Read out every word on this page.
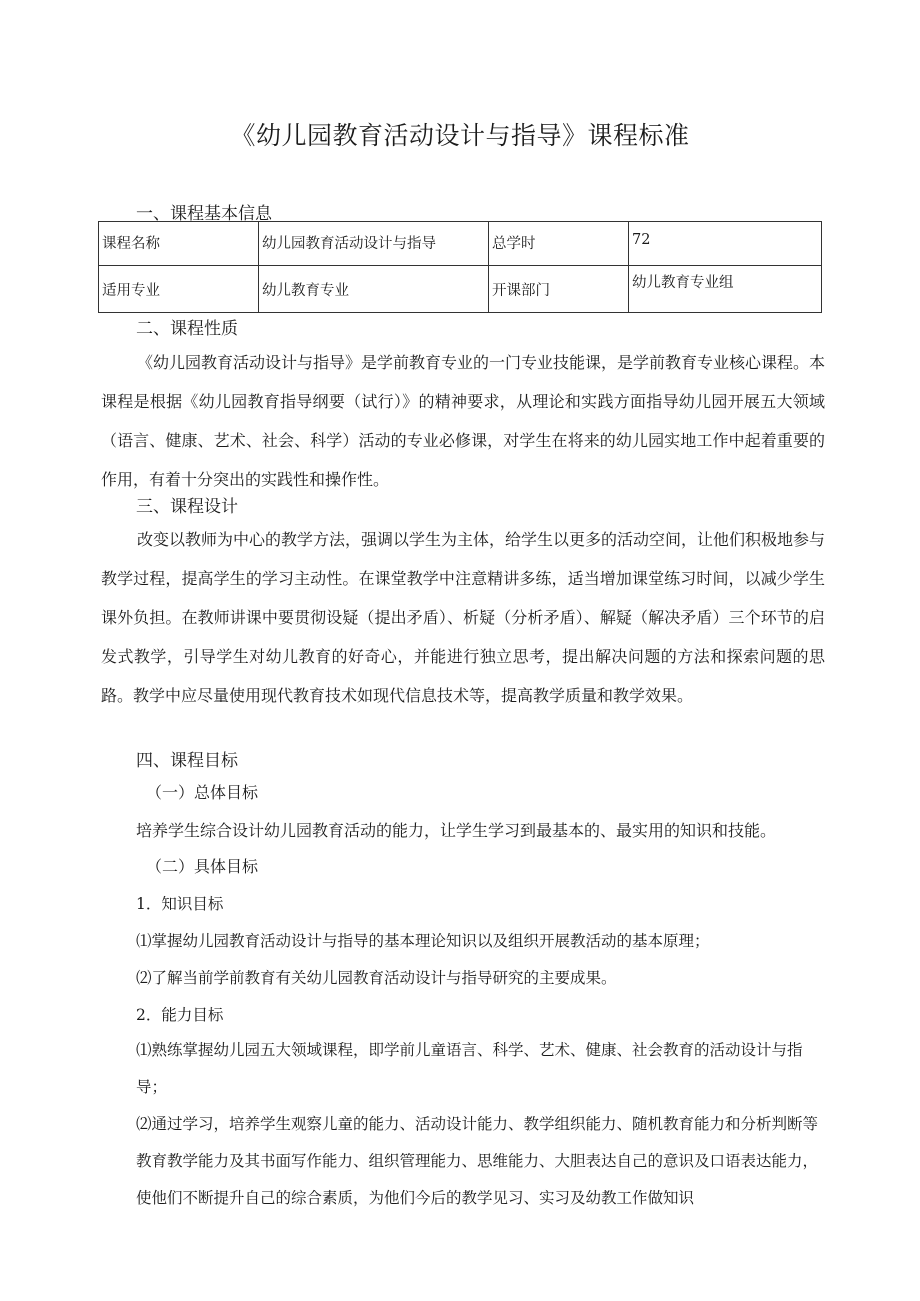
《幼儿园教育活动设计与指导》课程标准
一、课程基本信息
课程名称	幼儿园教育活动设计与指导	总学时	72
适用专业	幼儿教育专业	开课部门	幼儿教育专业组
二、课程性质
《幼儿园教育活动设计与指导》是学前教育专业的一门专业技能课，是学前教育专业核心课程。本课程是根据《幼儿园教育指导纲要（试行）》的精神要求，从理论和实践方面指导幼儿园开展五大领域（语言、健康、艺术、社会、科学）活动的专业必修课，对学生在将来的幼儿园实地工作中起着重要的作用，有着十分突出的实践性和操作性。
三、课程设计
改变以教师为中心的教学方法，强调以学生为主体，给学生以更多的活动空间，让他们积极地参与教学过程，提高学生的学习主动性。在课堂教学中注意精讲多练，适当增加课堂练习时间，以减少学生课外负担。在教师讲课中要贯彻设疑（提出矛盾）、析疑（分析矛盾）、解疑（解决矛盾）三个环节的启发式教学，引导学生对幼儿教育的好奇心，并能进行独立思考，提出解决问题的方法和探索问题的思路。教学中应尽量使用现代教育技术如现代信息技术等，提高教学质量和教学效果。
四、课程目标
（一）总体目标
培养学生综合设计幼儿园教育活动的能力，让学生学习到最基本的、最实用的知识和技能。
（二）具体目标
1．知识目标
⑴掌握幼儿园教育活动设计与指导的基本理论知识以及组织开展教活动的基本原理；
⑵了解当前学前教育有关幼儿园教育活动设计与指导研究的主要成果。
2．能力目标
⑴熟练掌握幼儿园五大领域课程，即学前儿童语言、科学、艺术、健康、社会教育的活动设计与指导；
⑵通过学习，培养学生观察儿童的能力、活动设计能力、教学组织能力、随机教育能力和分析判断等教育教学能力及其书面写作能力、组织管理能力、思维能力、大胆表达自己的意识及口语表达能力，使他们不断提升自己的综合素质，为他们今后的教学见习、实习及幼教工作做知识
